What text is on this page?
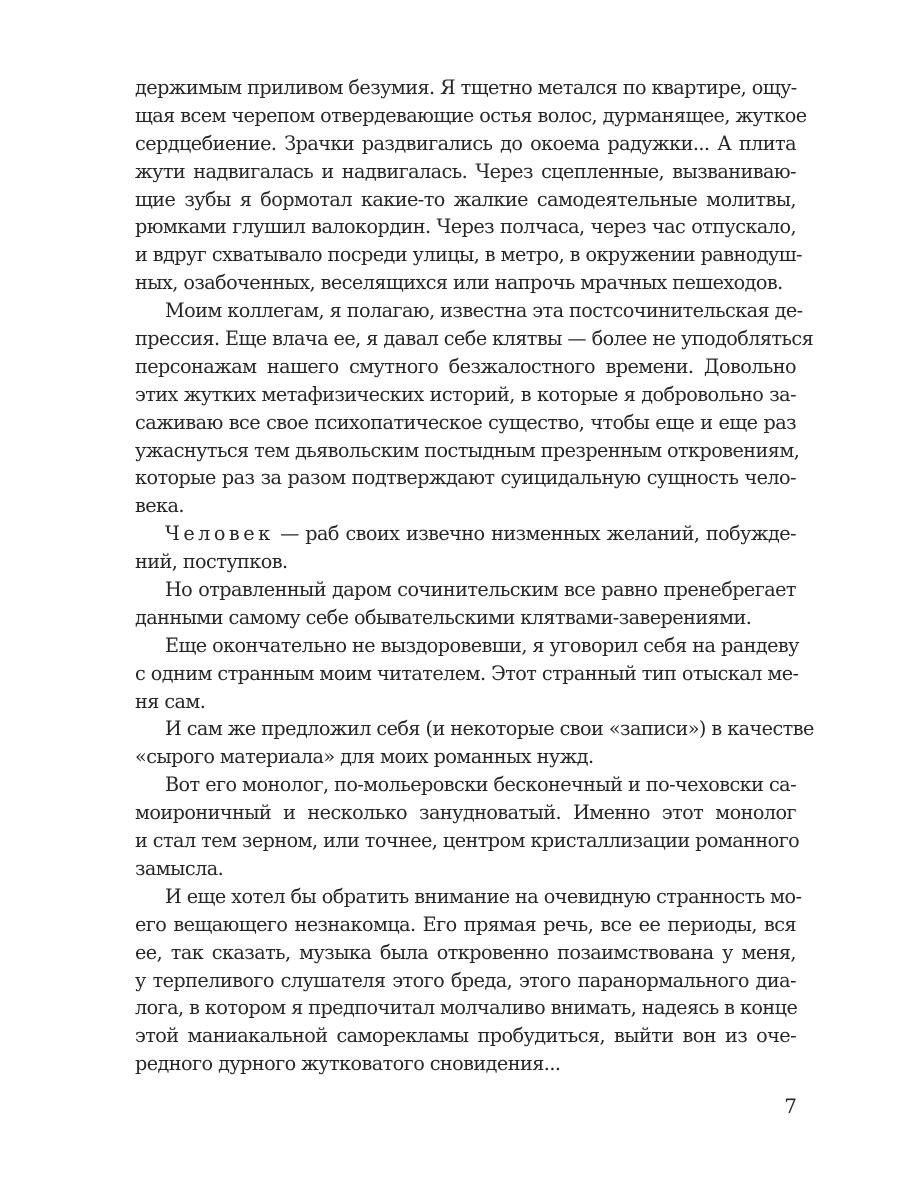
держимым приливом безумия. Я тщетно метался по квартире, ощу-
щая всем черепом отвердевающие остья волос, дурманящее, жуткое
сердцебиение. Зрачки раздвигались до окоема радужки... А плита
жути надвигалась и надвигалась. Через сцепленные, вызваниваю-
щие зубы я бормотал какие-то жалкие самодеятельные молитвы,
рюмками глушил валокордин. Через полчаса, через час отпускало,
и вдруг схватывало посреди улицы, в метро, в окружении равнодуш-
ных, озабоченных, веселящихся или напрочь мрачных пешеходов.

Моим коллегам, я полагаю, известна эта постсочинительская де-
прессия. Еще влача ее, я давал себе клятвы — более не уподобляться
персонажам нашего смутного безжалостного времени. Довольно
этих жутких метафизических историй, в которые я добровольно за-
саживаю все свое психопатическое существо, чтобы еще и еще раз
ужаснуться тем дьявольским постыдным презренным откровениям,
которые раз за разом подтверждают суицидальную сущность чело-
века.

Человек — раб своих извечно низменных желаний, побужде-
ний, поступков.

Но отравленный даром сочинительским все равно пренебрегает
данными самому себе обывательскими клятвами-заверениями.

Еще окончательно не выздоровевши, я уговорил себя на рандеву
с одним странным моим читателем. Этот странный тип отыскал ме-
ня сам.

И сам же предложил себя (и некоторые свои «записи») в качестве
«сырого материала» для моих романных нужд.

Вот его монолог, по-мольеровски бесконечный и по-чеховски са-
моироничный и несколько занудноватый. Именно этот монолог
и стал тем зерном, или точнее, центром кристаллизации романного
замысла.

И еще хотел бы обратить внимание на очевидную странность мо-
его вещающего незнакомца. Его прямая речь, все ее периоды, вся
ее, так сказать, музыка была откровенно позаимствована у меня,
у терпеливого слушателя этого бреда, этого паранормального диа-
лога, в котором я предпочитал молчаливо внимать, надеясь в конце
этой маниакальной саморекламы пробудиться, выйти вон из оче-
редного дурного жутковатого сновидения...

7
